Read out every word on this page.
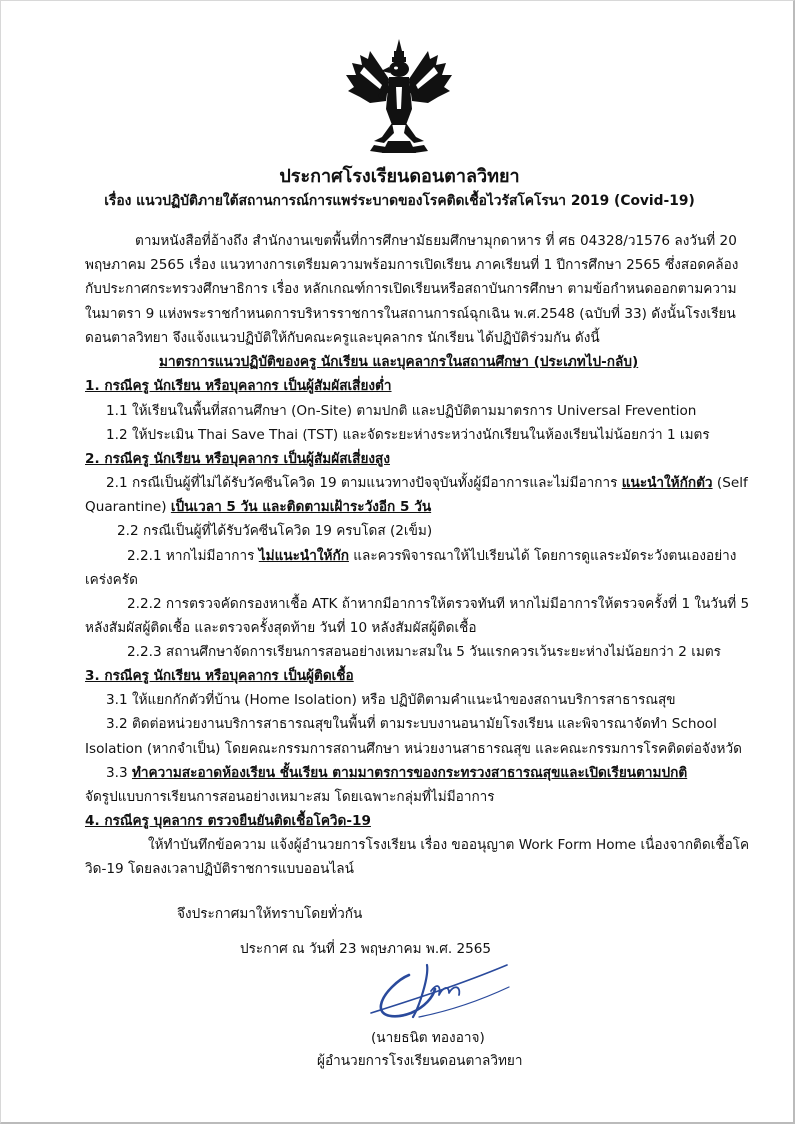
ประกาศโรงเรียนดอนตาลวิทยา
เรื่อง แนวปฏิบัติภายใต้สถานการณ์การแพร่ระบาดของโรคติดเชื้อไวรัสโคโรนา 2019 (Covid-19)
ตามหนังสือที่อ้างถึง สำนักงานเขตพื้นที่การศึกษามัธยมศึกษามุกดาหาร ที่ ศธ 04328/ว1576 ลงวันที่ 20
พฤษภาคม 2565 เรื่อง แนวทางการเตรียมความพร้อมการเปิดเรียน ภาคเรียนที่ 1 ปีการศึกษา 2565 ซึ่งสอดคล้อง
กับประกาศกระทรวงศึกษาธิการ เรื่อง หลักเกณฑ์การเปิดเรียนหรือสถาบันการศึกษา ตามข้อกำหนดออกตามความ
ในมาตรา 9 แห่งพระราชกำหนดการบริหารราชการในสถานการณ์ฉุกเฉิน พ.ศ.2548 (ฉบับที่ 33) ดังนั้นโรงเรียน
ดอนตาลวิทยา จึงแจ้งแนวปฏิบัติให้กับคณะครูและบุคลากร นักเรียน ได้ปฏิบัติร่วมกัน ดังนี้
มาตรการแนวปฏิบัติของครู นักเรียน และบุคลากรในสถานศึกษา (ประเภทไป-กลับ)
1. กรณีครู นักเรียน หรือบุคลากร เป็นผู้สัมผัสเสี่ยงต่ำ
1.1 ให้เรียนในพื้นที่สถานศึกษา (On-Site) ตามปกติ และปฏิบัติตามมาตรการ Universal Frevention
1.2 ให้ประเมิน Thai Save Thai (TST) และจัดระยะห่างระหว่างนักเรียนในห้องเรียนไม่น้อยกว่า 1 เมตร
2. กรณีครู นักเรียน หรือบุคลากร เป็นผู้สัมผัสเสี่ยงสูง
2.1 กรณีเป็นผู้ที่ไม่ได้รับวัคซีนโควิด 19 ตามแนวทางปัจจุบันทั้งผู้มีอาการและไม่มีอาการ แนะนำให้กักตัว (Self
Quarantine) เป็นเวลา 5 วัน และติดตามเฝ้าระวังอีก 5 วัน
2.2 กรณีเป็นผู้ที่ได้รับวัคซีนโควิด 19 ครบโดส (2เข็ม)
2.2.1 หากไม่มีอาการ ไม่แนะนำให้กัก และควรพิจารณาให้ไปเรียนได้ โดยการดูแลระมัดระวังตนเองอย่าง
เคร่งครัด
2.2.2 การตรวจคัดกรองหาเชื้อ ATK ถ้าหากมีอาการให้ตรวจทันที หากไม่มีอาการให้ตรวจครั้งที่ 1 ในวันที่ 5
หลังสัมผัสผู้ติดเชื้อ และตรวจครั้งสุดท้าย วันที่ 10 หลังสัมผัสผู้ติดเชื้อ
2.2.3 สถานศึกษาจัดการเรียนการสอนอย่างเหมาะสมใน 5 วันแรกควรเว้นระยะห่างไม่น้อยกว่า 2 เมตร
3. กรณีครู นักเรียน หรือบุคลากร เป็นผู้ติดเชื้อ
3.1 ให้แยกกักตัวที่บ้าน (Home Isolation) หรือ ปฏิบัติตามคำแนะนำของสถานบริการสาธารณสุข
3.2 ติดต่อหน่วยงานบริการสาธารณสุขในพื้นที่ ตามระบบงานอนามัยโรงเรียน และพิจารณาจัดทำ School
Isolation (หากจำเป็น) โดยคณะกรรมการสถานศึกษา หน่วยงานสาธารณสุข และคณะกรรมการโรคติดต่อจังหวัด
3.3 ทำความสะอาดห้องเรียน ชั้นเรียน ตามมาตรการของกระทรวงสาธารณสุขและเปิดเรียนตามปกติ
จัดรูปแบบการเรียนการสอนอย่างเหมาะสม โดยเฉพาะกลุ่มที่ไม่มีอาการ
4. กรณีครู บุคลากร ตรวจยืนยันติดเชื้อโควิด-19
ให้ทำบันทึกข้อความ แจ้งผู้อำนวยการโรงเรียน เรื่อง ขออนุญาต Work Form Home เนื่องจากติดเชื้อโค
วิด-19 โดยลงเวลาปฏิบัติราชการแบบออนไลน์
จึงประกาศมาให้ทราบโดยทั่วกัน
ประกาศ ณ วันที่ 23 พฤษภาคม พ.ศ. 2565
(นายธนิต ทองอาจ)
ผู้อำนวยการโรงเรียนดอนตาลวิทยา
